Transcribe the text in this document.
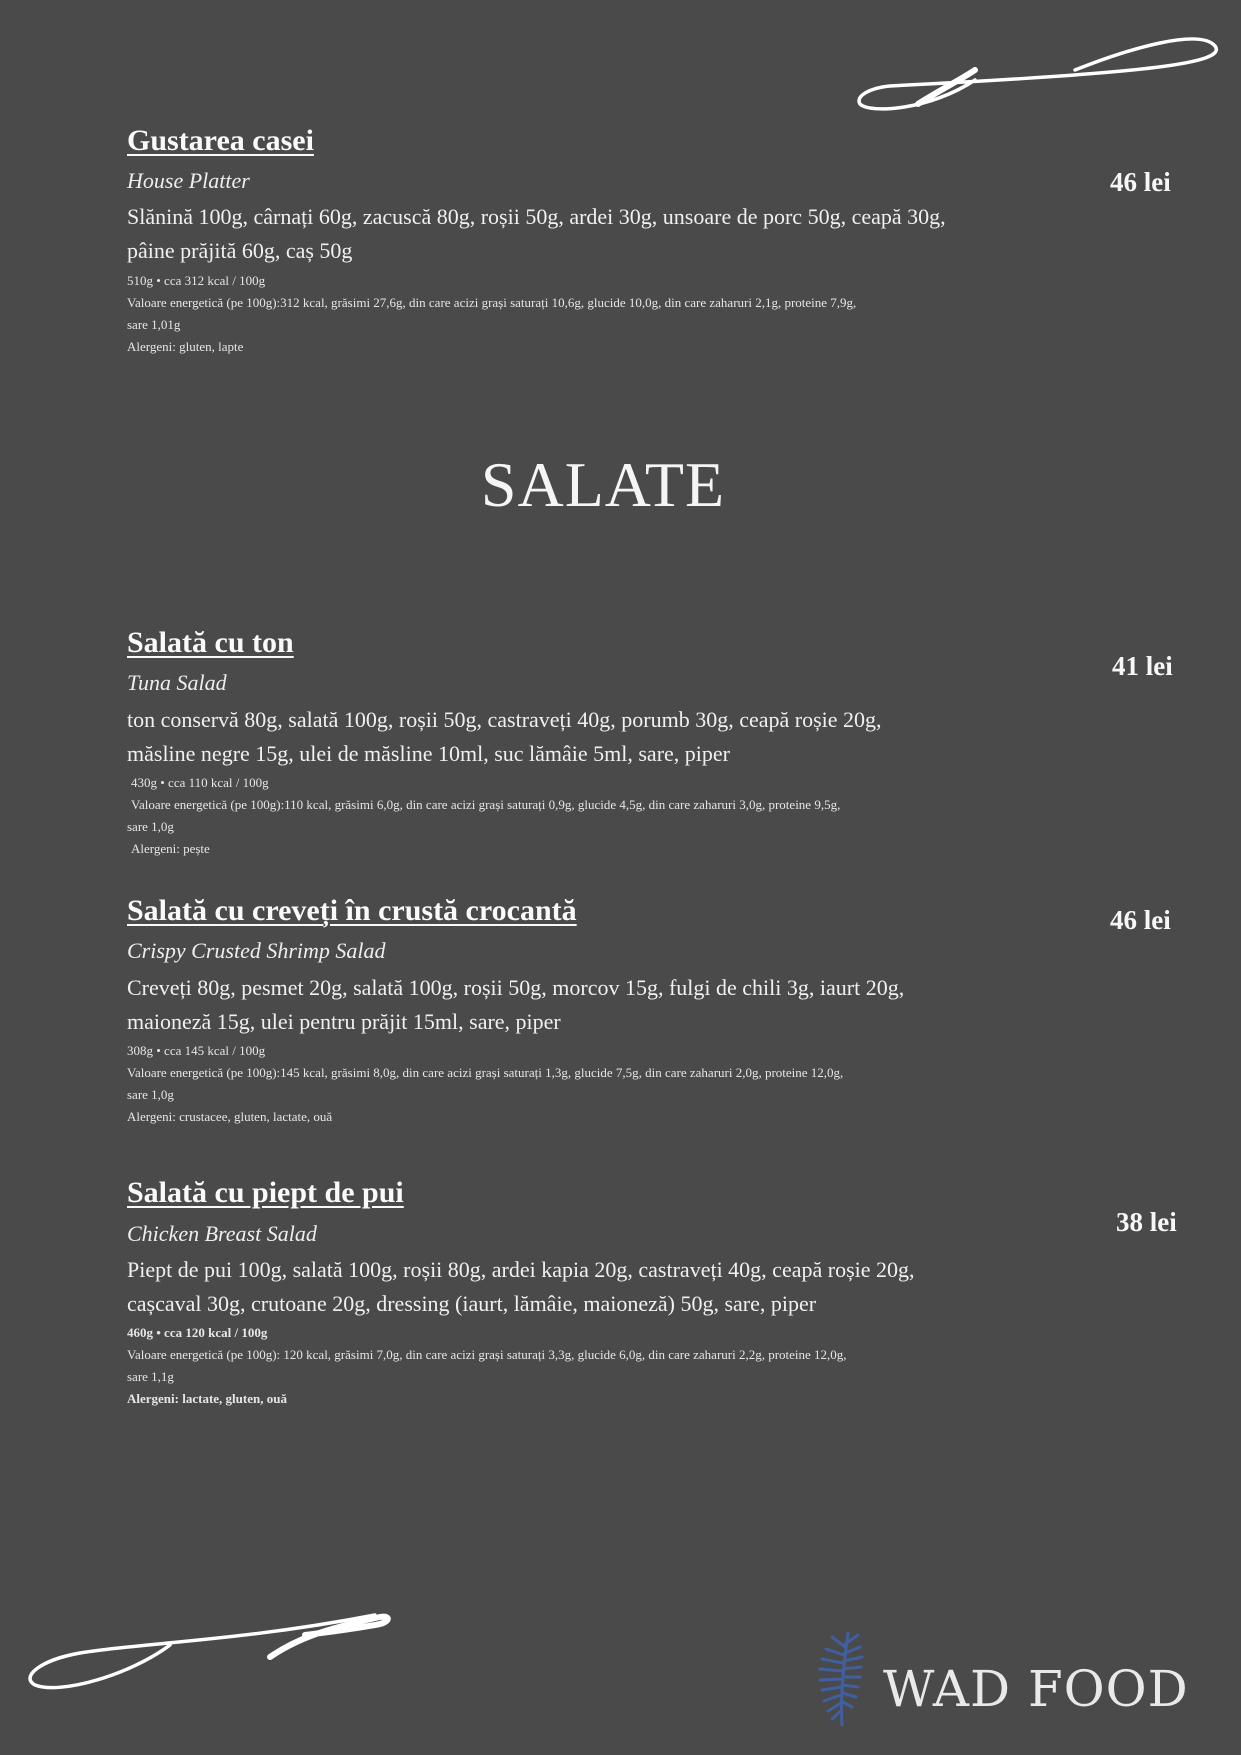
Gustarea casei
House Platter	46 lei
Slănină 100g, cârnați 60g, zacuscă 80g, roșii 50g, ardei 30g, unsoare de porc 50g, ceapă 30g,
pâine prăjită 60g, caș 50g
510g • cca 312 kcal / 100g
Valoare energetică (pe 100g):312 kcal, grăsimi 27,6g, din care acizi grași saturați 10,6g, glucide 10,0g, din care zaharuri 2,1g, proteine 7,9g,
sare 1,01g
Alergeni: gluten, lapte
SALATE
Salată cu ton
Tuna Salad
41 lei
ton conservă 80g, salată 100g, roșii 50g, castraveți 40g, porumb 30g, ceapă roșie 20g,
măsline negre 15g, ulei de măsline 10ml, suc lămâie 5ml, sare, piper
430g • cca 110 kcal / 100g
Valoare energetică (pe 100g):110 kcal, grăsimi 6,0g, din care acizi grași saturați 0,9g, glucide 4,5g, din care zaharuri 3,0g, proteine 9,5g,
sare 1,0g
Alergeni: pește
Salată cu creveți în crustă crocantă
Crispy Crusted Shrimp Salad
46 lei
Creveți 80g, pesmet 20g, salată 100g, roșii 50g, morcov 15g, fulgi de chili 3g, iaurt 20g,
maioneză 15g, ulei pentru prăjit 15ml, sare, piper
308g • cca 145 kcal / 100g
Valoare energetică (pe 100g):145 kcal, grăsimi 8,0g, din care acizi grași saturați 1,3g, glucide 7,5g, din care zaharuri 2,0g, proteine 12,0g,
sare 1,0g
Alergeni: crustacee, gluten, lactate, ouă
Salată cu piept de pui
Chicken Breast Salad	38 lei
Piept de pui 100g, salată 100g, roșii 80g, ardei kapia 20g, castraveți 40g, ceapă roșie 20g,
cașcaval 30g, crutoane 20g, dressing (iaurt, lămâie, maioneză) 50g, sare, piper
460g • cca 120 kcal / 100g
Valoare energetică (pe 100g): 120 kcal, grăsimi 7,0g, din care acizi grași saturați 3,3g, glucide 6,0g, din care zaharuri 2,2g, proteine 12,0g,
sare 1,1g
Alergeni: lactate, gluten, ouă
WAD FOOD
